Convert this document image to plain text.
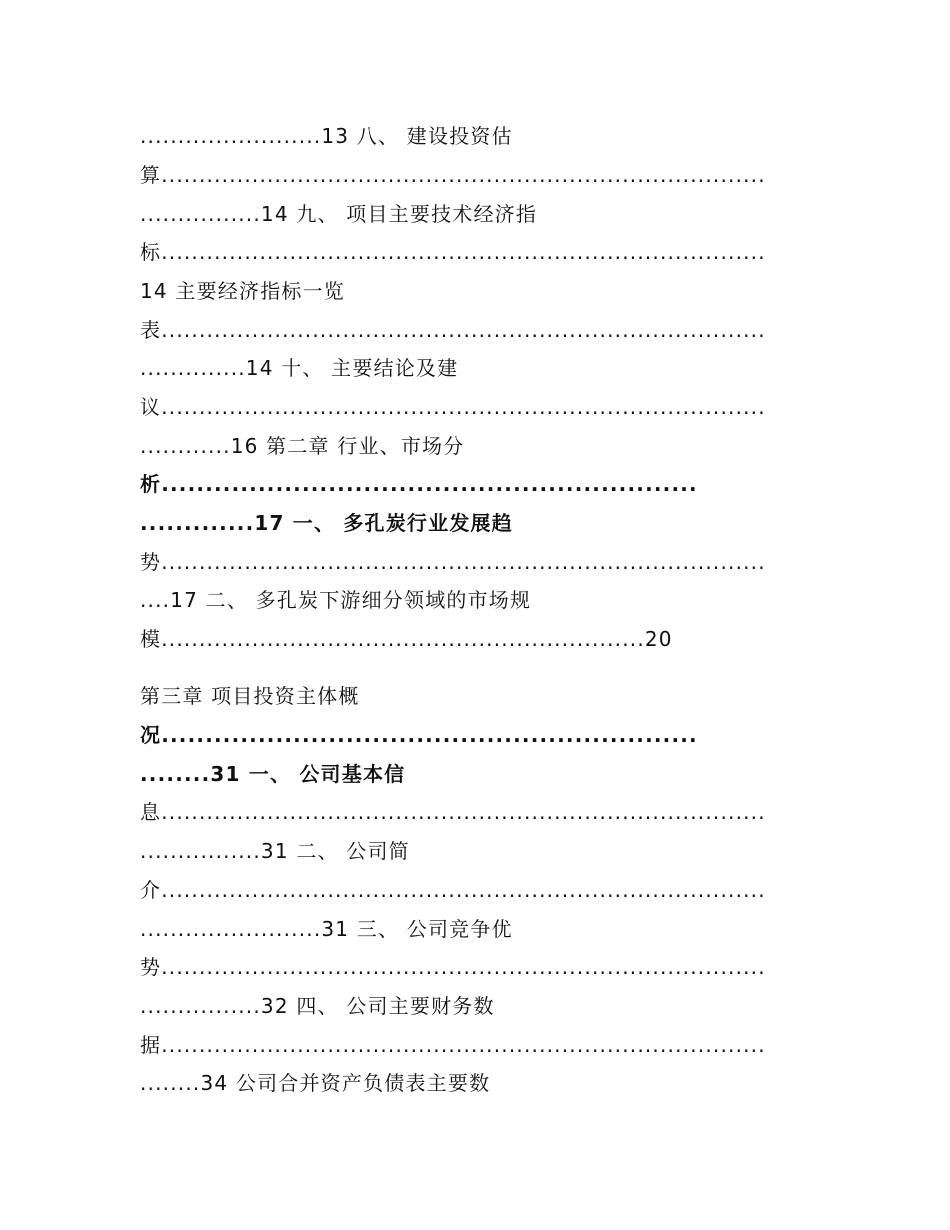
........................13 八、 建设投资估
算................................................................................
................14 九、 项目主要技术经济指
标................................................................................
14 主要经济指标一览
表................................................................................
..............14 十、 主要结论及建
议................................................................................
............16 第二章 行业、市场分
析.............................................................
.............17 一、 多孔炭行业发展趋
势................................................................................
....17 二、 多孔炭下游细分领域的市场规
模................................................................20
第三章 项目投资主体概
况.............................................................
........31 一、 公司基本信
息................................................................................
................31 二、 公司简
介................................................................................
........................31 三、 公司竞争优
势................................................................................
................32 四、 公司主要财务数
据................................................................................
........34 公司合并资产负债表主要数
